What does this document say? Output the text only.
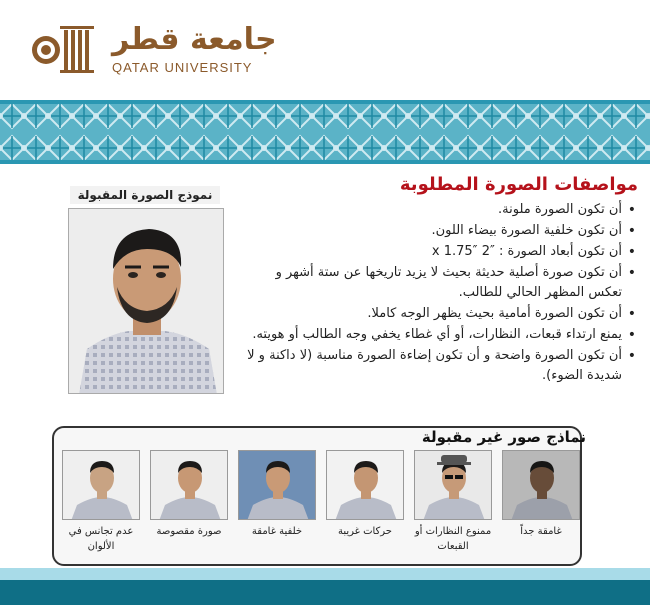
جامعة قطر
QATAR UNIVERSITY
نموذج الصورة المقبولة	مواصفات الصورة المطلوبة
• أن تكون الصورة ملونة.
• أن تكون خلفية الصورة بيضاء اللون.
• أن تكون أبعاد الصورة : ″2 x 1.75″
• أن تكون صورة أصلية حديثة بحيث لا يزيد تاريخها عن ستة أشهر و تعكس المظهر الحالي للطالب.
• أن تكون الصورة أمامية بحيث يظهر الوجه كاملا.
• يمنع ارتداء قبعات، النظارات، أو أي غطاء يخفي وجه الطالب أو هويته.
• أن تكون الصورة واضحة و أن تكون إضاءة الصورة مناسبة (لا داكنة و لا شديدة الضوء).
نماذج صور غير مقبولة
غامقة جداً
ممنوع النظارات أو القبعات
حركات غريبة
خلفية غامقة
صورة مقصوصة
عدم تجانس في الألوان
